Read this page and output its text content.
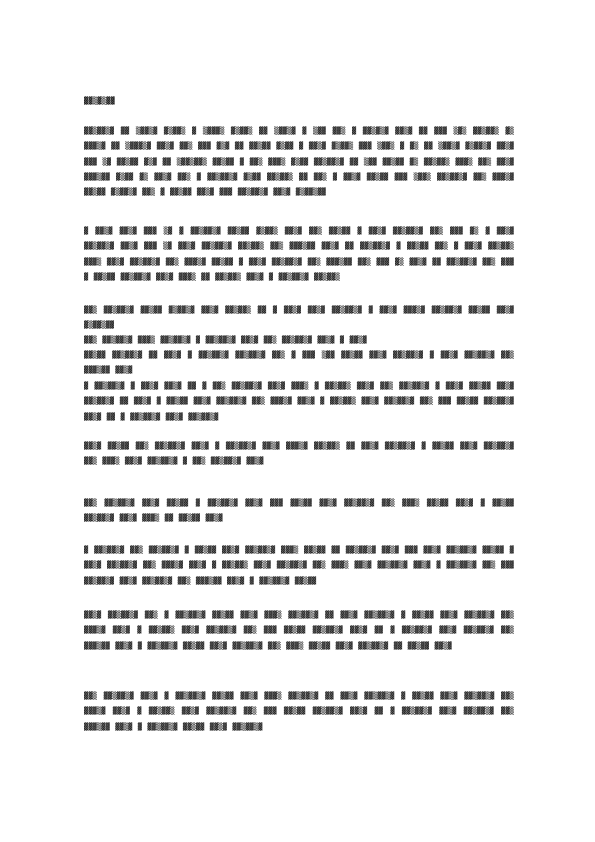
▓▓▒▓▒▓▓

▓▓▒▓▓▒▓ ▓▓ ▒▓▓▒▓ ▓▒▓▓▒ ▓ ▒▓▓▓▒ ▓▒▓▓▒ ▓▓ ▒▓▓▒▓ ▓ ▒▓▓ ▓▓▒ ▓ ▓▓▒▓▒▓ ▓▓▒▓ ▓▓ ▓▓▓ ▒▓▒ ▓▓▒▓▓▒ ▓▒ ▓▓▓▒▓ ▓▓ ▒▓▓▓▒▓ ▓▓▒▓ ▓▓▒ ▓▓▓ ▓▒▓ ▓▓ ▓▓▒▓▓ ▓▒▓▓ ▓ ▓▓▒▓ ▓▒▓▓▒ ▓▓▓ ▒▓▓▒ ▓ ▓▒ ▓▓ ▒▓▓▒▓ ▓▒▓▓▒▓ ▓▓▒▓ ▓▓▓ ▒▓ ▓▓▒▓▓ ▓▒▓ ▓▓ ▒▓▓▒▓▓▒ ▓▓▒▓▓ ▓ ▓▓▒ ▓▓▓▒ ▓▒▓▓ ▓▓▒▓▓▒▓ ▓▓ ▒▓▓ ▓▓▒▓▓ ▓▒ ▓▓▒▓▓▒ ▓▓▓▒ ▓▓▒ ▓▓▒▓ ▓▓▓▒▓▓ ▓▒▓▓ ▓▒ ▓▓▒▓ ▓▓▒ ▓ ▓▓▒▓▓▒▓ ▓▒▓▓ ▓▓▒▓▓▒ ▓▓ ▓▓▒ ▓ ▓▓▒▓ ▓▓▒▓▓ ▓▓▓ ▒▓▓▒ ▓▓▒▓▓▒▓ ▓▓▒ ▓▓▓▒▓ ▓▓▒▓▓ ▓▒▓▓▒▓ ▓▓▒ ▓ ▓▓▒▓▓ ▓▓▒▓ ▓▓▓ ▓▓▒▓▓▒▓ ▓▓▒▓ ▓▒▓▓▒▓▓

▓ ▓▓▒▓ ▓▓▒▓ ▓▓▓ ▒▓ ▓ ▓▓▒▓▓▒▓ ▓▓▒▓▓ ▓▒▓▓▒ ▓▓▒▓ ▓▓▒ ▓▓▒▓▓ ▓ ▓▓▒▓ ▓▓▒▓▓▒▓ ▓▓▒ ▓▓▓ ▓▒ ▓ ▓▓▒▓ ▓▓▒▓▓▒▓ ▓▓▒▓ ▓▓▓ ▒▓ ▓▓▒▓ ▓▓▒▓▓▒▓ ▓▓▒▓▓▒ ▓▓▒ ▓▓▓▒▓▓ ▓▓▒▓ ▓▓ ▓▓▒▓▓▒▓ ▓ ▓▓▒▓▓ ▓▓▒ ▓ ▓▓▒▓ ▓▓▒▓▓▒ ▓▓▓▒ ▓▓▒▓ ▓▓▒▓▓▒▓ ▓▓▒ ▓▓▓▒▓ ▓▓▒▓▓ ▓ ▓▓▒▓ ▓▓▒▓▓▒▓ ▓▓▒ ▓▓▓▒▓▓ ▓▓▒ ▓▓▓ ▓▒ ▓▓▒▓ ▓▓ ▓▓▒▓▓▒▓ ▓▓▒ ▓▓▓ ▓ ▓▓▒▓▓ ▓▓▒▓▓▒▓ ▓▓▒▓ ▓▓▓▒ ▓▓ ▓▓▒▓▓▒ ▓▓▒▓ ▓ ▓▓▒▓▓▒▓ ▓▓▒▓▓▒

▓▓▒ ▓▓▒▓▓▒▓ ▓▓▒▓▓ ▓▒▓▓▒▓ ▓▓▒▓ ▓▓▒▓▓▒ ▓▓ ▓ ▓▓▒▓ ▓▓▒▓ ▓▓▒▓▓▒▓ ▓ ▓▓▒▓ ▓▓▓▒▓ ▓▓▒▓▓▒▓ ▓▓▒▓▓ ▓▓▒▓ ▓▒▓▓▒▓▓

▓▓▒ ▓▓▒▓▓▒▓ ▓▓▓▒ ▓▓▒▓▓▒▓ ▓ ▓▓▒▓▓▒▓ ▓▓▒▓ ▓▓▒ ▓▓▒▓▓▒▓ ▓▓▒▓ ▓ ▓▓▒▓

▓▓▒▓▓ ▓▓▒▓▓▒▓ ▓▓ ▓▓▒▓ ▓ ▓▓▒▓▓▒▓ ▓▓▒▓▓▒▓ ▓▓▒ ▓ ▓▓▓ ▒▓▓ ▓▓▒▓▓ ▓▓▒▓ ▓▓▒▓▓▒▓ ▓ ▓▓▒▓ ▓▓▒▓▓▒▓ ▓▓▒ ▓▓▓▒▓▓ ▓▓▒▓

▓ ▓▓▒▓▓▒▓ ▓ ▓▓▒▓ ▓▓▒▓ ▓▓ ▓ ▓▓▒ ▓▓▒▓▓▒▓ ▓▓▒▓ ▓▓▓▒ ▓ ▓▓▒▓▓▒ ▓▓▒▓ ▓▓▒ ▓▓▒▓▓▒▓ ▓ ▓▓▒▓ ▓▓▒▓▓ ▓▓▒▓ ▓▓▒▓▓▒▓ ▓▓ ▓▓▒▓ ▓ ▓▓▒▓▓ ▓▓▒▓ ▓▓▒▓▓▒▓ ▓▓▒ ▓▓▓▒▓ ▓▓▒▓ ▓ ▓▓▒▓▓▒ ▓▓▒▓ ▓▓▒▓▓▒▓ ▓▓▒ ▓▓▓ ▓▓▒▓▓ ▓▓▒▓▓▒▓ ▓▓▒▓ ▓▓ ▓ ▓▓▒▓▓▒▓ ▓▓▒▓ ▓▓▒▓▓▒▓

▓▓▒▓ ▓▓▒▓▓ ▓▓▒ ▓▓▒▓▓▒▓ ▓▓▒▓ ▓ ▓▓▒▓▓▒▓ ▓▓▒▓ ▓▓▓▒▓ ▓▓▒▓▓▒ ▓▓ ▓▓▒▓ ▓▓▒▓▓▒▓ ▓ ▓▓▒▓▓ ▓▓▒▓ ▓▓▒▓▓▒▓ ▓▓▒ ▓▓▓▒ ▓▓▒▓ ▓▓▒▓▓▒▓ ▓ ▓▓▒ ▓▓▒▓▓▒▓ ▓▓▒▓

▓▓▒ ▓▓▒▓▓▒▓ ▓▓▒▓ ▓▓▒▓▓ ▓ ▓▓▒▓▓▒▓ ▓▓▒▓ ▓▓▓ ▓▓▒▓▓ ▓▓▒▓ ▓▓▒▓▓▒▓ ▓▓▒ ▓▓▓▒ ▓▓▒▓▓ ▓▓▒▓ ▓ ▓▓▒▓▓ ▓▓▒▓▓▒▓ ▓▓▒▓ ▓▓▓▒ ▓▓ ▓▓▒▓▓ ▓▓▒▓

▓ ▓▓▒▓▓▒▓ ▓▓▒ ▓▓▒▓▓▒▓ ▓ ▓▓▒▓▓ ▓▓▒▓ ▓▓▒▓▓▒▓ ▓▓▓▒ ▓▓▒▓▓ ▓▓ ▓▓▒▓▓▒▓ ▓▓▒▓ ▓▓▓ ▓▓▒▓ ▓▓▒▓▓▒▓ ▓▓▒▓▓ ▓ ▓▓▒▓ ▓▓▒▓▓▒▓ ▓▓▒ ▓▓▓▒▓ ▓▓▒▓ ▓ ▓▓▒▓▓▒ ▓▓▒▓ ▓▓▒▓▓▒▓ ▓▓▒ ▓▓▓▒ ▓▓▒▓ ▓▓▒▓▓▒▓ ▓▓▒▓ ▓ ▓▓▒▓▓▒▓ ▓▓▒ ▓▓▓ ▓▓▒▓▓▒▓ ▓▓▒▓ ▓▓▒▓▓▒▓ ▓▓▒ ▓▓▓▒▓▓ ▓▓▒▓ ▓ ▓▓▒▓▓▒▓ ▓▓▒▓▓

▓▓▒▓ ▓▓▒▓▓▒▓ ▓▓▒ ▓ ▓▓▒▓▓▒▓ ▓▓▒▓▓ ▓▓▒▓ ▓▓▓▒ ▓▓▒▓▓▒▓ ▓▓ ▓▓▒▓ ▓▓▒▓▓▒▓ ▓ ▓▓▒▓▓ ▓▓▒▓ ▓▓▒▓▓▒▓ ▓▓▒ ▓▓▓▒▓ ▓▓▒▓ ▓ ▓▓▒▓▓▒ ▓▓▒▓ ▓▓▒▓▓▒▓ ▓▓▒ ▓▓▓ ▓▓▒▓▓ ▓▓▒▓▓▒▓ ▓▓▒▓ ▓▓ ▓ ▓▓▒▓▓▒▓ ▓▓▒▓ ▓▓▒▓▓▒▓ ▓▓▒ ▓▓▓▒▓▓ ▓▓▒▓ ▓ ▓▓▒▓▓▒▓ ▓▓▒▓▓ ▓▓▒▓ ▓▓▒▓▓▒▓ ▓▓▒ ▓▓▓▒ ▓▓▒▓▓ ▓▓▒▓ ▓▓▒▓▓▒▓ ▓▓ ▓▓▒▓▓ ▓▓▒▓

▓▓▒ ▓▓▒▓▓▒▓ ▓▓▒▓ ▓ ▓▓▒▓▓▒▓ ▓▓▒▓▓ ▓▓▒▓ ▓▓▓▒ ▓▓▒▓▓▒▓ ▓▓ ▓▓▒▓ ▓▓▒▓▓▒▓ ▓ ▓▓▒▓▓ ▓▓▒▓ ▓▓▒▓▓▒▓ ▓▓▒ ▓▓▓▒▓ ▓▓▒▓ ▓ ▓▓▒▓▓▒ ▓▓▒▓ ▓▓▒▓▓▒▓ ▓▓▒ ▓▓▓ ▓▓▒▓▓ ▓▓▒▓▓▒▓ ▓▓▒▓ ▓▓ ▓ ▓▓▒▓▓▒▓ ▓▓▒▓ ▓▓▒▓▓▒▓ ▓▓▒ ▓▓▓▒▓▓ ▓▓▒▓ ▓ ▓▓▒▓▓▒▓ ▓▓▒▓▓ ▓▓▒▓ ▓▓▒▓▓▒▓
